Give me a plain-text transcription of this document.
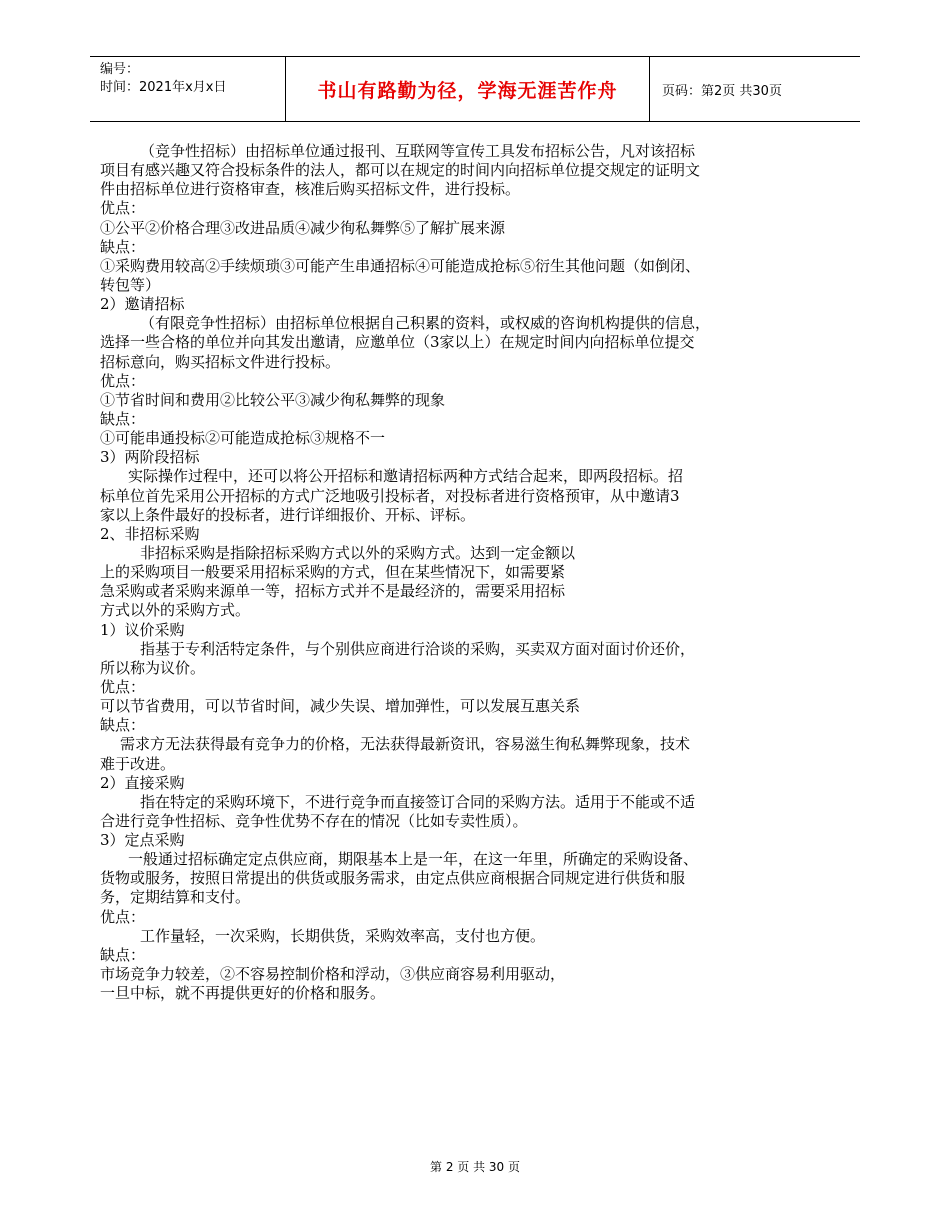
编号：
时间：2021年x月x日	书山有路勤为径，学海无涯苦作舟	页码：第2页 共30页
（竞争性招标）由招标单位通过报刊、互联网等宣传工具发布招标公告，凡对该招标
项目有感兴趣又符合投标条件的法人，都可以在规定的时间内向招标单位提交规定的证明文
件由招标单位进行资格审查，核准后购买招标文件，进行投标。
优点：
①公平②价格合理③改进品质④减少徇私舞弊⑤了解扩展来源
缺点：
①采购费用较高②手续烦琐③可能产生串通招标④可能造成抢标⑤衍生其他问题（如倒闭、
转包等）
2）邀请招标
（有限竞争性招标）由招标单位根据自己积累的资料，或权威的咨询机构提供的信息，
选择一些合格的单位并向其发出邀请，应邀单位（3家以上）在规定时间内向招标单位提交
招标意向，购买招标文件进行投标。
优点：
①节省时间和费用②比较公平③减少徇私舞弊的现象
缺点：
①可能串通投标②可能造成抢标③规格不一
3）两阶段招标
实际操作过程中，还可以将公开招标和邀请招标两种方式结合起来，即两段招标。招
标单位首先采用公开招标的方式广泛地吸引投标者，对投标者进行资格预审，从中邀请3
家以上条件最好的投标者，进行详细报价、开标、评标。
2、非招标采购
非招标采购是指除招标采购方式以外的采购方式。达到一定金额以
上的采购项目一般要采用招标采购的方式，但在某些情况下，如需要紧
急采购或者采购来源单一等，招标方式并不是最经济的，需要采用招标
方式以外的采购方式。
1）议价采购
指基于专利活特定条件，与个别供应商进行洽谈的采购，买卖双方面对面讨价还价，
所以称为议价。
优点：
可以节省费用，可以节省时间，减少失误、增加弹性，可以发展互惠关系
缺点：
需求方无法获得最有竞争力的价格，无法获得最新资讯，容易滋生徇私舞弊现象，技术
难于改进。
2）直接采购
指在特定的采购环境下，不进行竞争而直接签订合同的采购方法。适用于不能或不适
合进行竞争性招标、竞争性优势不存在的情况（比如专卖性质）。
3）定点采购
一般通过招标确定定点供应商，期限基本上是一年，在这一年里，所确定的采购设备、
货物或服务，按照日常提出的供货或服务需求，由定点供应商根据合同规定进行供货和服
务，定期结算和支付。
优点：
工作量轻，一次采购，长期供货，采购效率高，支付也方便。
缺点：
市场竞争力较差，②不容易控制价格和浮动，③供应商容易利用驱动，
一旦中标，就不再提供更好的价格和服务。
第 2 页 共 30 页
